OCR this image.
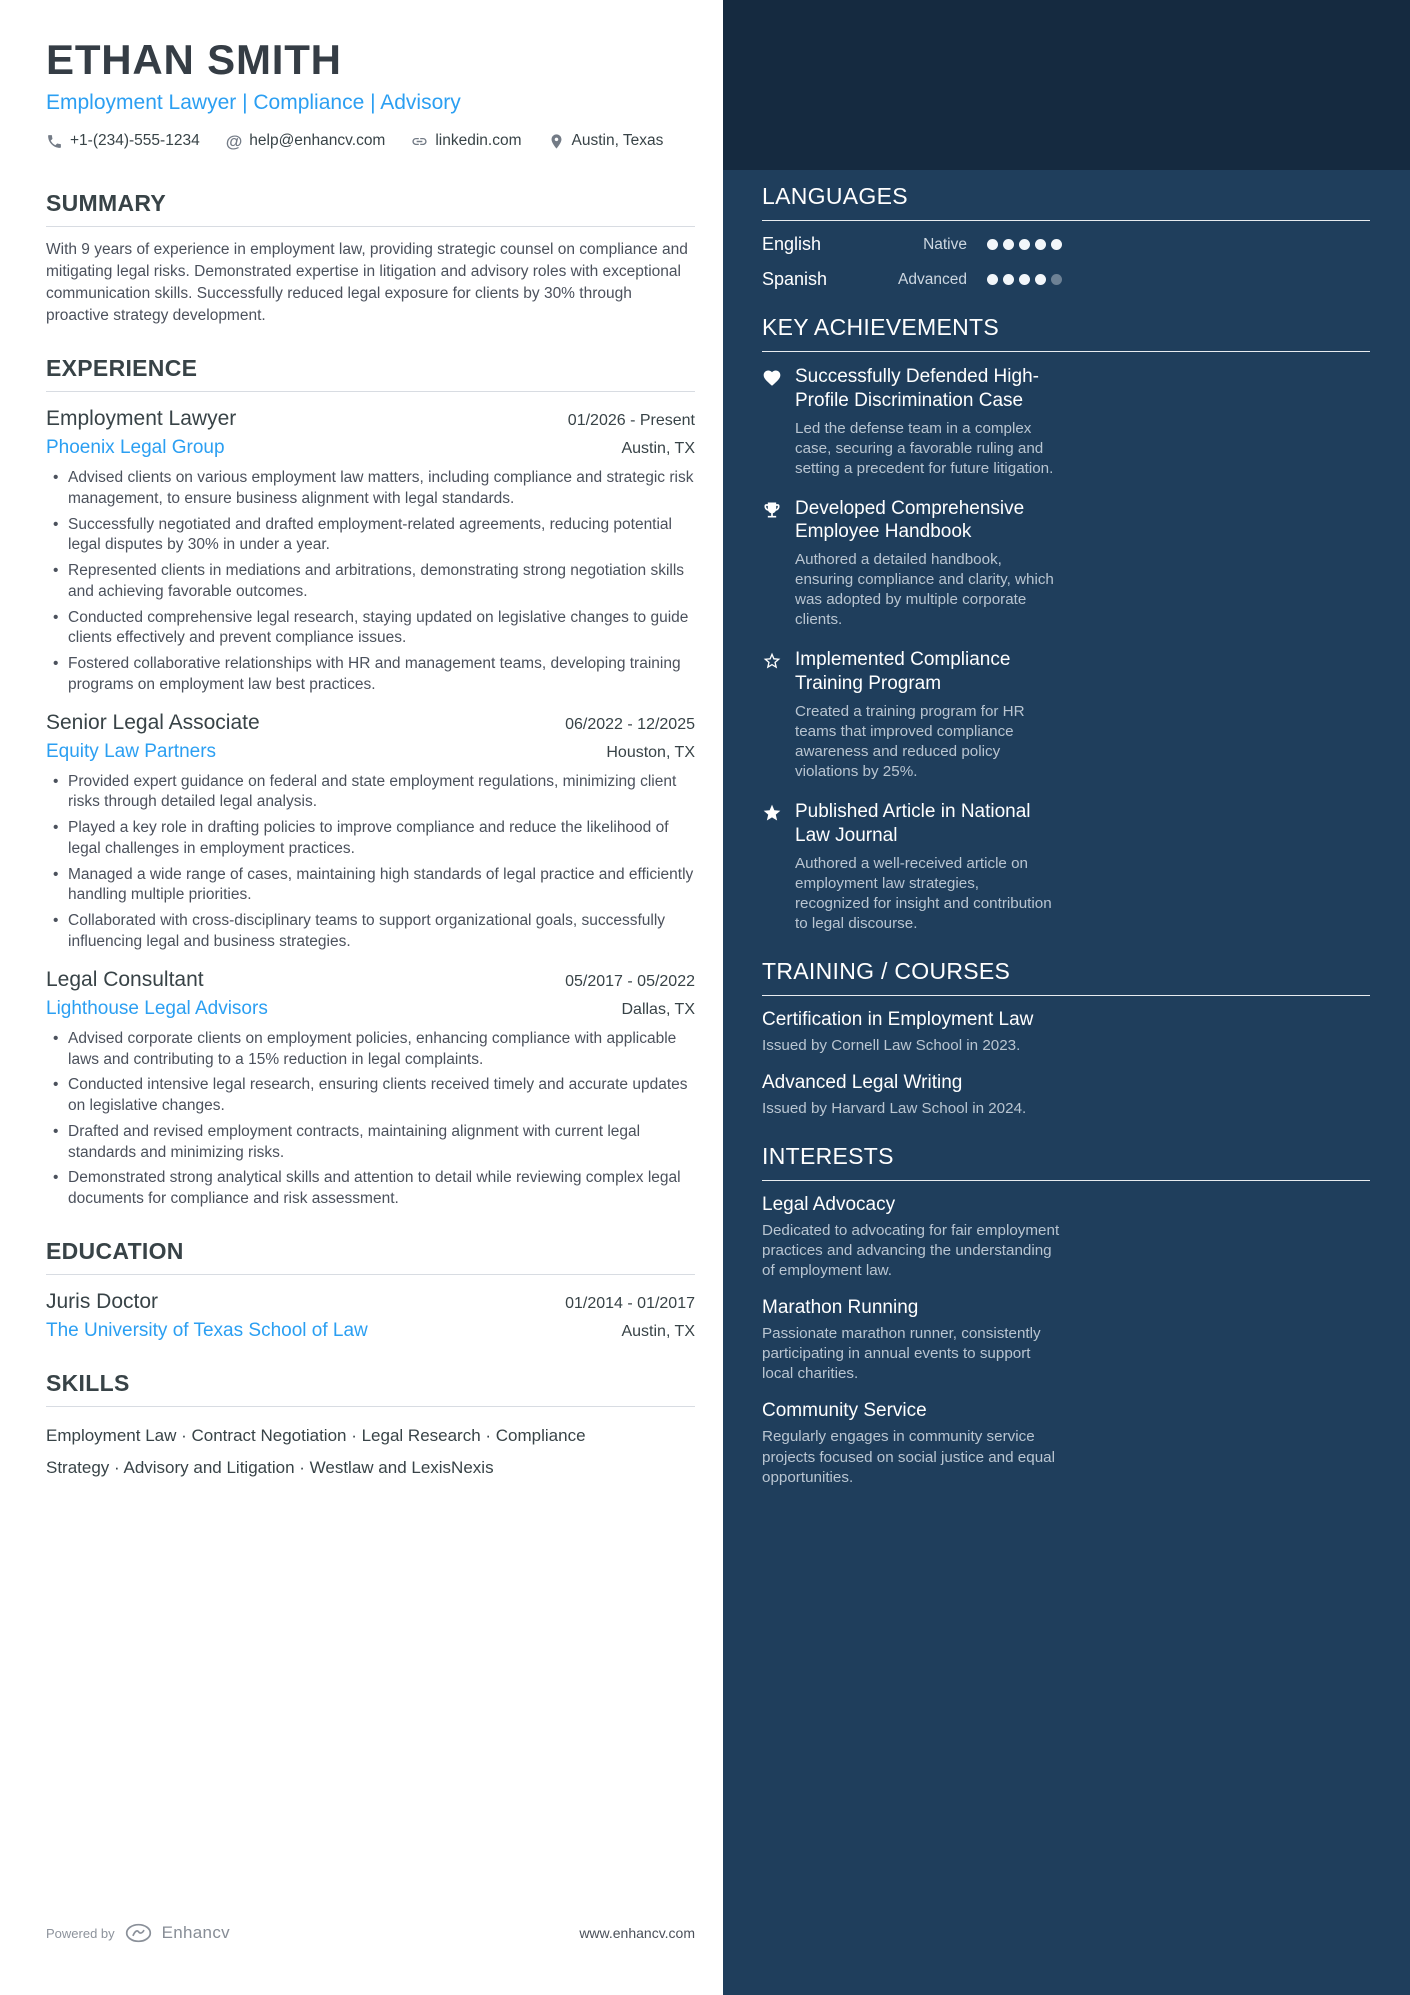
ETHAN SMITH
Employment Lawyer | Compliance | Advisory
+1-(234)-555-1234 @ help@enhancv.com	linkedin.com	Austin, Texas
SUMMARY
With 9 years of experience in employment law, providing strategic counsel on compliance and mitigating legal risks. Demonstrated expertise in litigation and advisory roles with exceptional communication skills. Successfully reduced legal exposure for clients by 30% through proactive strategy development.
EXPERIENCE
Employment Lawyer	01/2026 - Present
Phoenix Legal Group	Austin, TX
• Advised clients on various employment law matters, including compliance and strategic risk management, to ensure business alignment with legal standards.
• Successfully negotiated and drafted employment-related agreements, reducing potential legal disputes by 30% in under a year.
• Represented clients in mediations and arbitrations, demonstrating strong negotiation skills and achieving favorable outcomes.
• Conducted comprehensive legal research, staying updated on legislative changes to guide clients effectively and prevent compliance issues.
• Fostered collaborative relationships with HR and management teams, developing training programs on employment law best practices.
Senior Legal Associate	06/2022 - 12/2025
Equity Law Partners	Houston, TX
• Provided expert guidance on federal and state employment regulations, minimizing client risks through detailed legal analysis.
• Played a key role in drafting policies to improve compliance and reduce the likelihood of legal challenges in employment practices.
• Managed a wide range of cases, maintaining high standards of legal practice and efficiently handling multiple priorities.
• Collaborated with cross-disciplinary teams to support organizational goals, successfully influencing legal and business strategies.
Legal Consultant	05/2017 - 05/2022
Lighthouse Legal Advisors	Dallas, TX
• Advised corporate clients on employment policies, enhancing compliance with applicable laws and contributing to a 15% reduction in legal complaints.
• Conducted intensive legal research, ensuring clients received timely and accurate updates on legislative changes.
• Drafted and revised employment contracts, maintaining alignment with current legal standards and minimizing risks.
• Demonstrated strong analytical skills and attention to detail while reviewing complex legal documents for compliance and risk assessment.
EDUCATION
Juris Doctor	01/2014 - 01/2017
The University of Texas School of Law	Austin, TX
SKILLS
Employment Law · Contract Negotiation · Legal Research · Compliance Strategy · Advisory and Litigation · Westlaw and LexisNexis
Powered by	Enhancv	www.enhancv.com
LANGUAGES
English	Native
Spanish	Advanced
KEY ACHIEVEMENTS
Successfully Defended High-Profile Discrimination Case
Led the defense team in a complex case, securing a favorable ruling and setting a precedent for future litigation.
Developed Comprehensive Employee Handbook
Authored a detailed handbook, ensuring compliance and clarity, which was adopted by multiple corporate clients.
Implemented Compliance Training Program
Created a training program for HR teams that improved compliance awareness and reduced policy violations by 25%.
Published Article in National Law Journal
Authored a well-received article on employment law strategies, recognized for insight and contribution to legal discourse.
TRAINING / COURSES
Certification in Employment Law
Issued by Cornell Law School in 2023.
Advanced Legal Writing
Issued by Harvard Law School in 2024.
INTERESTS
Legal Advocacy
Dedicated to advocating for fair employment practices and advancing the understanding of employment law.
Marathon Running
Passionate marathon runner, consistently participating in annual events to support local charities.
Community Service
Regularly engages in community service projects focused on social justice and equal opportunities.
